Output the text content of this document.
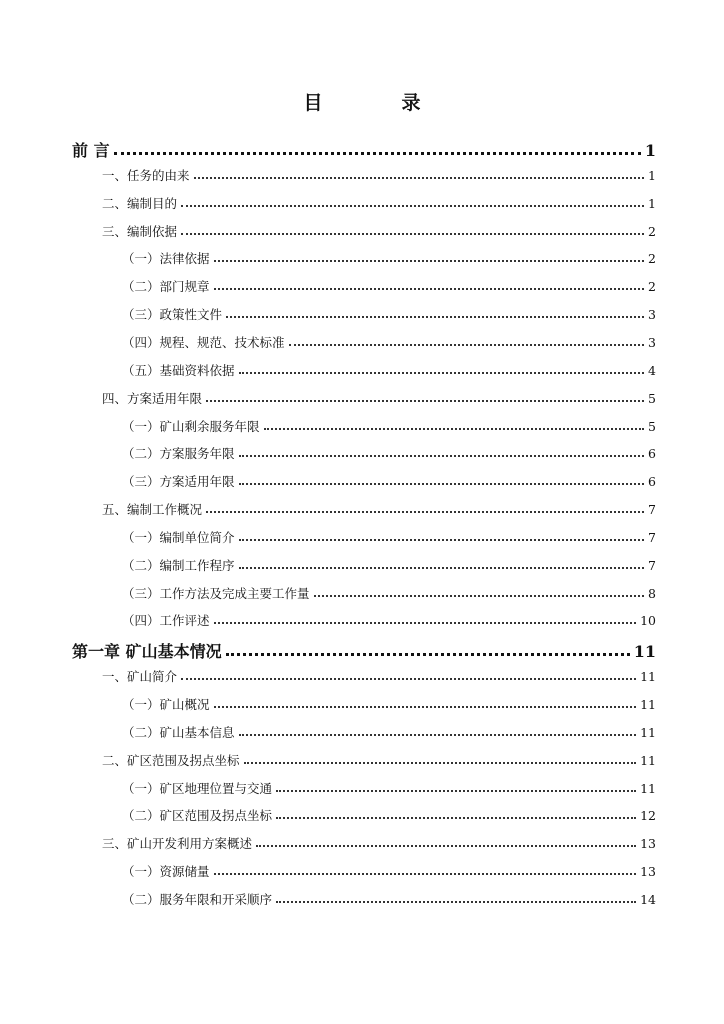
目　录
前 言	1
一、任务的由来	1
二、编制目的	1
三、编制依据	2
（一）法律依据	2
（二）部门规章	2
（三）政策性文件	3
（四）规程、规范、技术标准	3
（五）基础资料依据	4
四、方案适用年限	5
（一）矿山剩余服务年限	5
（二）方案服务年限	6
（三）方案适用年限	6
五、编制工作概况	7
（一）编制单位简介	7
（二）编制工作程序	7
（三）工作方法及完成主要工作量	8
（四）工作评述	10
第一章 矿山基本情况	11
一、矿山简介	11
（一）矿山概况	11
（二）矿山基本信息	11
二、矿区范围及拐点坐标	11
（一）矿区地理位置与交通	11
（二）矿区范围及拐点坐标	12
三、矿山开发利用方案概述	13
（一）资源储量	13
（二）服务年限和开采顺序	14
